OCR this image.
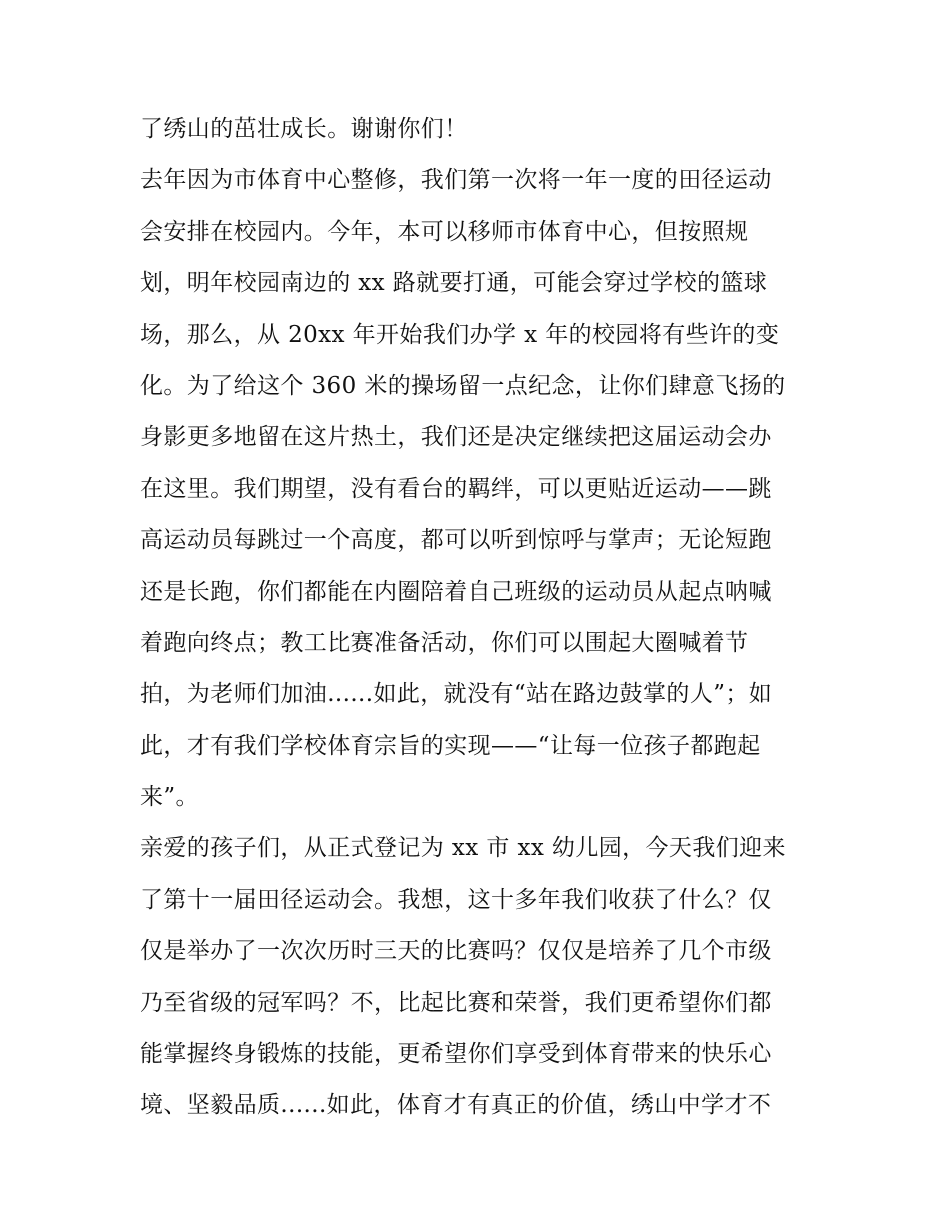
了绣山的茁壮成长。谢谢你们！
去年因为市体育中心整修，我们第一次将一年一度的田径运动
会安排在校园内。今年，本可以移师市体育中心，但按照规
划，明年校园南边的 xx 路就要打通，可能会穿过学校的篮球
场，那么，从 20xx 年开始我们办学 x 年的校园将有些许的变
化。为了给这个 360 米的操场留一点纪念，让你们肆意飞扬的
身影更多地留在这片热土，我们还是决定继续把这届运动会办
在这里。我们期望，没有看台的羁绊，可以更贴近运动——跳
高运动员每跳过一个高度，都可以听到惊呼与掌声；无论短跑
还是长跑，你们都能在内圈陪着自己班级的运动员从起点呐喊
着跑向终点；教工比赛准备活动，你们可以围起大圈喊着节
拍，为老师们加油......如此，就没有“站在路边鼓掌的人”；如
此，才有我们学校体育宗旨的实现——“让每一位孩子都跑起
来”。
亲爱的孩子们，从正式登记为 xx 市 xx 幼儿园，今天我们迎来
了第十一届田径运动会。我想，这十多年我们收获了什么？仅
仅是举办了一次次历时三天的比赛吗？仅仅是培养了几个市级
乃至省级的冠军吗？不，比起比赛和荣誉，我们更希望你们都
能掌握终身锻炼的技能，更希望你们享受到体育带来的快乐心
境、坚毅品质......如此，体育才有真正的价值，绣山中学才不
